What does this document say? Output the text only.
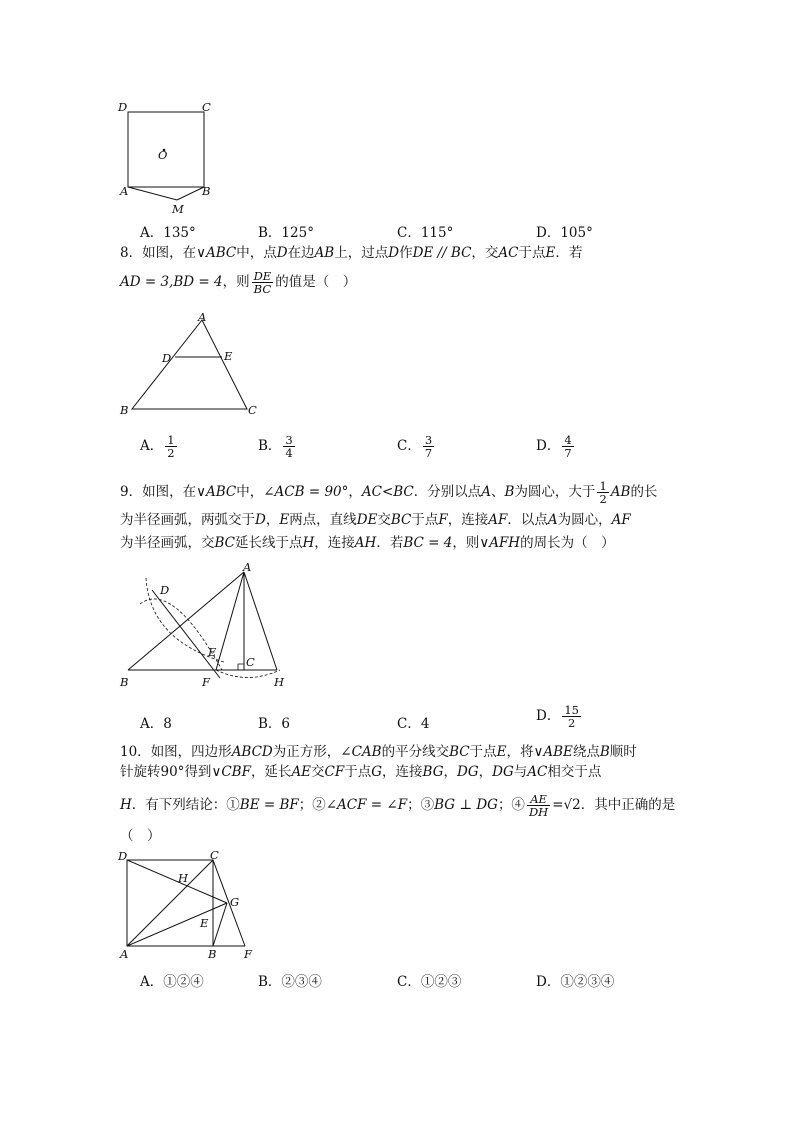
D	C
O
A	B
M
A．135°	B．125°	C．115°	D．105°
8．如图，在∨ABC中，点D在边AB上，过点D作DE // BC，交AC于点E．若
AD = 3,BD = 4，则 $\frac{DE}{BC}$ 的值是（　）
A
D	E
B	C
A． $\frac{1}{2}$	B． $\frac{3}{4}$	C． $\frac{3}{7}$	D． $\frac{4}{7}$
9．如图，在∨ABC中，∠ACB = 90°，AC<BC．分别以点A、B为圆心，大于 $\frac{1}{2}$ AB的长
为半径画弧，两弧交于D，E两点，直线DE交BC于点F，连接AF．以点A为圆心，AF
为半径画弧，交BC延长线于点H，连接AH．若BC = 4，则∨AFH的周长为（　）
A
D
E
C
B	F	H
A．8	B．6	C．4	D． $\frac{15}{2}$
10．如图，四边形ABCD为正方形，∠CAB的平分线交BC于点E，将∨ABE绕点B顺时
针旋转90°得到∨CBF，延长AE交CF于点G，连接BG，DG，DG与AC相交于点
H．有下列结论：①BE = BF；②∠ACF = ∠F；③BG ⊥ DG；④ $\frac{AE}{DH} =√2$．其中正确的是
（　）
D	C
H
G
E
A	B F
A．①②④	B．②③④	C．①②③	D．①②③④
